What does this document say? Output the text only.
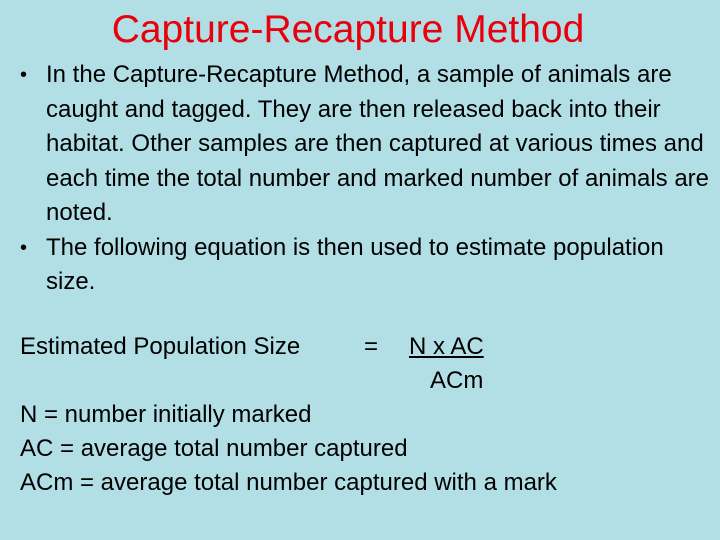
Capture-Recapture Method
• In the Capture-Recapture Method, a sample of animals are caught and tagged. They are then released back into their habitat. Other samples are then captured at various times and each time the total number and marked number of animals are noted.
• The following equation is then used to estimate population size.
Estimated Population Size	= N x AC
ACm
N = number initially marked
AC = average total number captured
ACm = average total number captured with a mark
